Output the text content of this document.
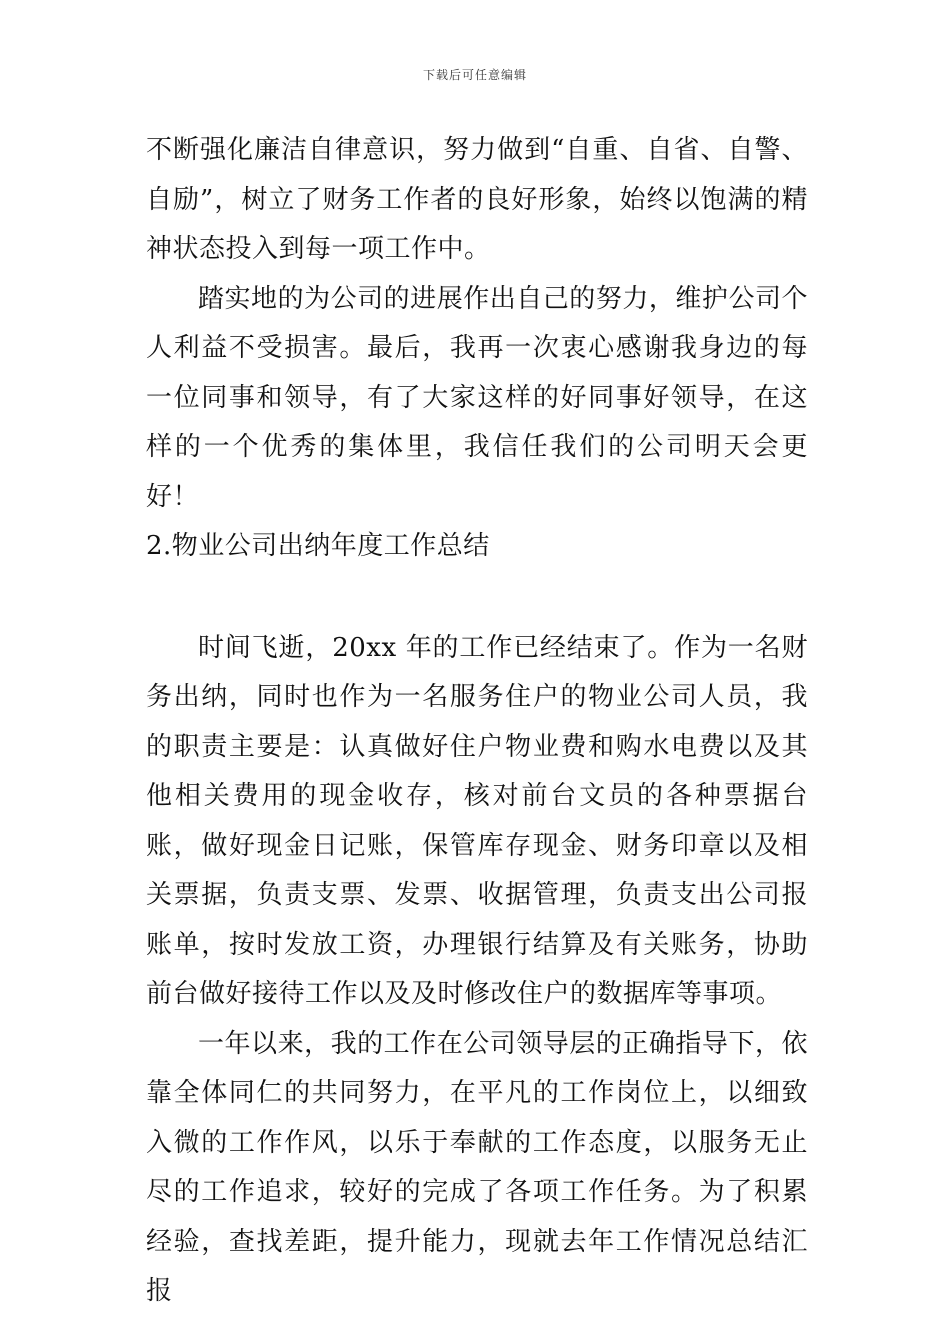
下载后可任意编辑

不断强化廉洁自律意识，努力做到“自重、自省、自警、自励”，树立了财务工作者的良好形象，始终以饱满的精神状态投入到每一项工作中。

踏实地的为公司的进展作出自己的努力，维护公司个人利益不受损害。最后，我再一次衷心感谢我身边的每一位同事和领导，有了大家这样的好同事好领导，在这样的一个优秀的集体里，我信任我们的公司明天会更好！

2.物业公司出纳年度工作总结

时间飞逝，20xx 年的工作已经结束了。作为一名财务出纳，同时也作为一名服务住户的物业公司人员，我的职责主要是：认真做好住户物业费和购水电费以及其他相关费用的现金收存，核对前台文员的各种票据台账，做好现金日记账，保管库存现金、财务印章以及相关票据，负责支票、发票、收据管理，负责支出公司报账单，按时发放工资，办理银行结算及有关账务，协助前台做好接待工作以及及时修改住户的数据库等事项。

一年以来，我的工作在公司领导层的正确指导下，依靠全体同仁的共同努力，在平凡的工作岗位上，以细致入微的工作作风，以乐于奉献的工作态度，以服务无止尽的工作追求，较好的完成了各项工作任务。为了积累经验，查找差距，提升能力，现就去年工作情况总结汇报
